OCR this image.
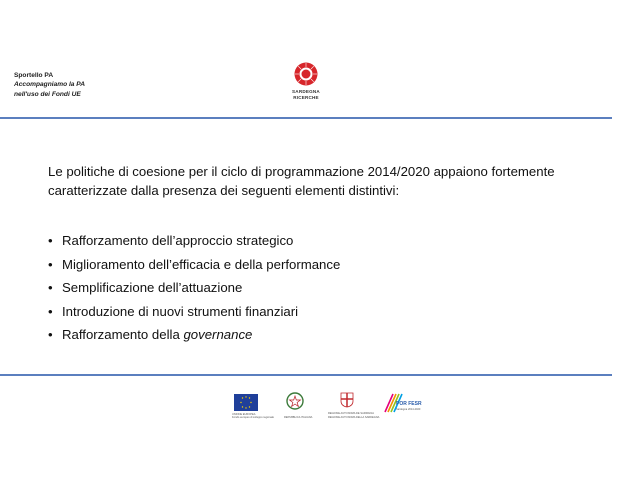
Sportello PA
Accompagniamo la PA
nell'uso dei Fondi UE	SARDEGNA
RICERCHE
Le politiche di coesione per il ciclo di programmazione 2014/2020 appaiono fortemente caratterizzate dalla presenza dei seguenti elementi distintivi:
• Rafforzamento dell’approccio strategico
• Miglioramento dell’efficacia e della performance
• Semplificazione dell’attuazione
• Introduzione di nuovi strumenti finanziari
• Rafforzamento della governance
UNIONE EUROPEA
Fondo europeo di sviluppo regionale	REPUBBLICA ITALIANA
REGIONE AUTONOMA DE SARDIGNA
REGIONE AUTONOMA DELLA SARDEGNA
POR FESR
Sardegna 2014-2020
